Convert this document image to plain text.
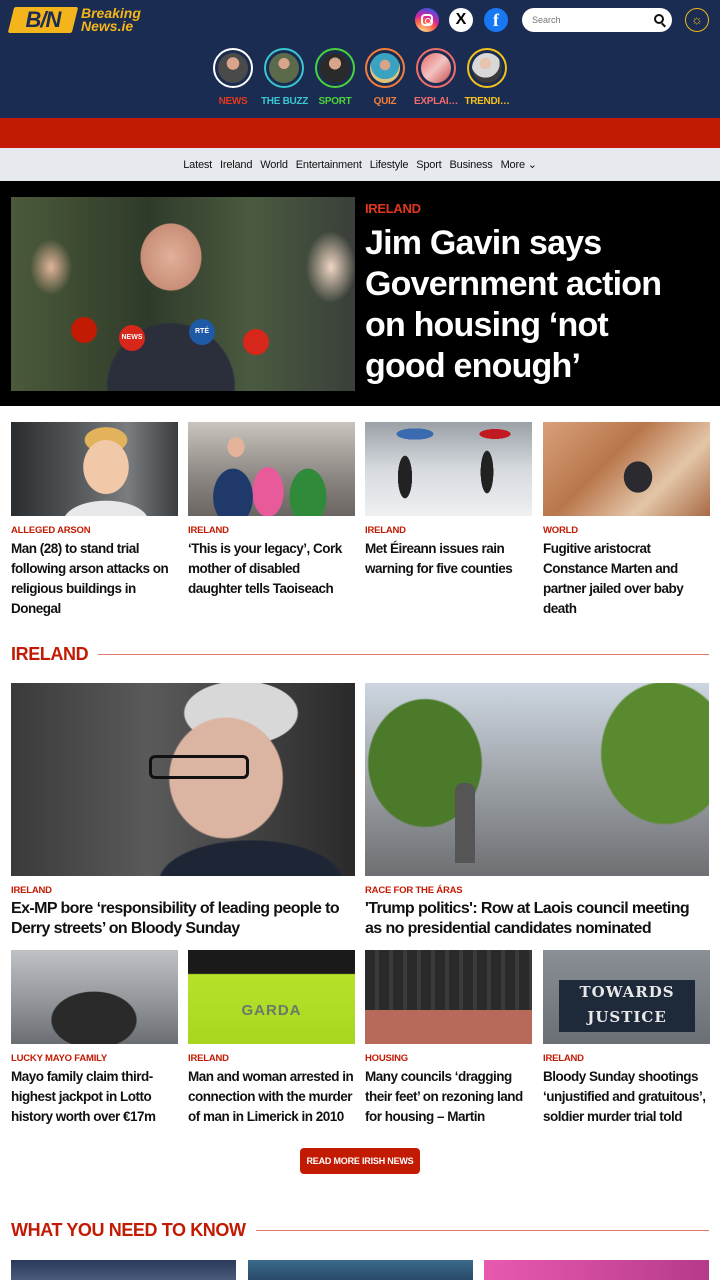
B/N	Breaking
News.ie	X	f
Search	☼
NEWS	THE BUZZ	SPORT	QUIZ	EXPLAI… TRENDI…
Latest Ireland World Entertainment Lifestyle Sport Business More ⌄
NEWS
RTÉ
IRELAND
Jim Gavin says Government action on housing ‘not good enough’
ALLEGED ARSON
Man (28) to stand trial following arson attacks on religious buildings in Donegal
IRELAND
‘This is your legacy’, Cork mother of disabled daughter tells Taoiseach
IRELAND
Met Éireann issues rain warning for five counties
WORLD
Fugitive aristocrat Constance Marten and partner jailed over baby death
IRELAND
IRELAND
Ex-MP bore ‘responsibility of leading people to Derry streets’ on Bloody Sunday
RACE FOR THE ÁRAS
'Trump politics': Row at Laois council meeting as no presidential candidates nominated
LUCKY MAYO FAMILY
Mayo family claim third-highest jackpot in Lotto history worth over €17m
GARDA
IRELAND
Man and woman arrested in connection with the murder of man in Limerick in 2010
HOUSING
Many councils ‘dragging their feet’ on rezoning land for housing – Martin
TOWARDS JUSTICE
IRELAND
Bloody Sunday shootings ‘unjustified and gratuitous’, soldier murder trial told
READ MORE IRISH NEWS
WHAT YOU NEED TO KNOW
